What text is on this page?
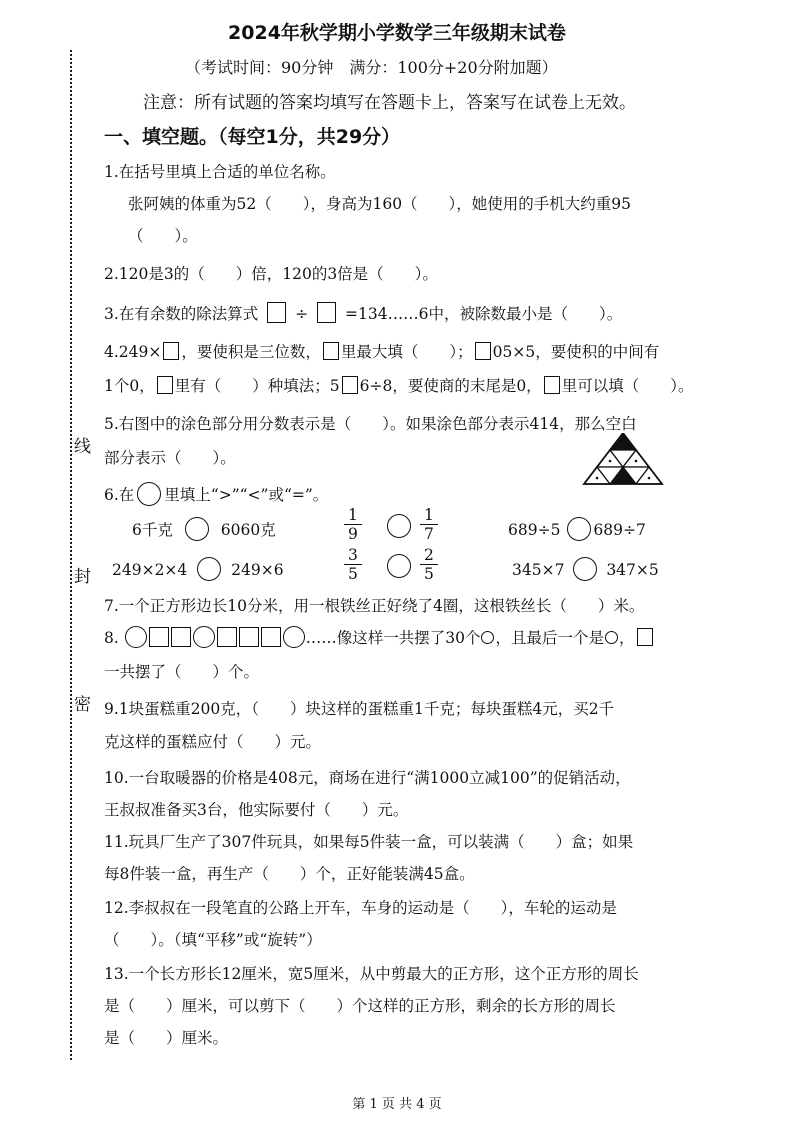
线
封
密
2024年秋学期小学数学三年级期末试卷
（考试时间：90分钟　满分：100分+20分附加题）
注意：所有试题的答案均填写在答题卡上，答案写在试卷上无效。
一、填空题。（每空1分，共29分）
1.在括号里填上合适的单位名称。
张阿姨的体重为52（　　），身高为160（　　），她使用的手机大约重95
（　　）。
2.120是3的（　　）倍，120的3倍是（　　）。
3.在有余数的除法算式 ÷ =134……6中，被除数最小是（　　）。
4.249× ，要使积是三位数， 里最大填（　　）； 05×5，要使积的中间有
1个0， 里有（　　）种填法；5 6÷8，要使商的末尾是0， 里可以填（　　）。
5.右图中的涂色部分用分数表示是（　　）。如果涂色部分表示414，那么空白
部分表示（　　）。
6.在 里填上“>”“<”或“=”。
6千克	6060克	$\frac{1}{9}$	$\frac{1}{7}$	689÷5 689÷7
249×2×4	249×6	$\frac{3}{5}$	$\frac{2}{5}$	345×7	347×5
7.一个正方形边长10分米，用一根铁丝正好绕了4圈，这根铁丝长（　　）米。
8.	……像这样一共摆了30个 ，且最后一个是 ，
一共摆了（　　）个。
9.1块蛋糕重200克，（　　）块这样的蛋糕重1千克；每块蛋糕4元，买2千
克这样的蛋糕应付（　　）元。
10.一台取暖器的价格是408元，商场在进行“满1000立减100”的促销活动，
王叔叔准备买3台，他实际要付（　　）元。
11.玩具厂生产了307件玩具，如果每5件装一盒，可以装满（　　）盒；如果
每8件装一盒，再生产（　　）个，正好能装满45盒。
12.李叔叔在一段笔直的公路上开车，车身的运动是（　　），车轮的运动是
（　　）。（填“平移”或“旋转”）
13.一个长方形长12厘米，宽5厘米，从中剪最大的正方形，这个正方形的周长
是（　　）厘米，可以剪下（　　）个这样的正方形，剩余的长方形的周长
是（　　）厘米。
第 1 页 共 4 页
